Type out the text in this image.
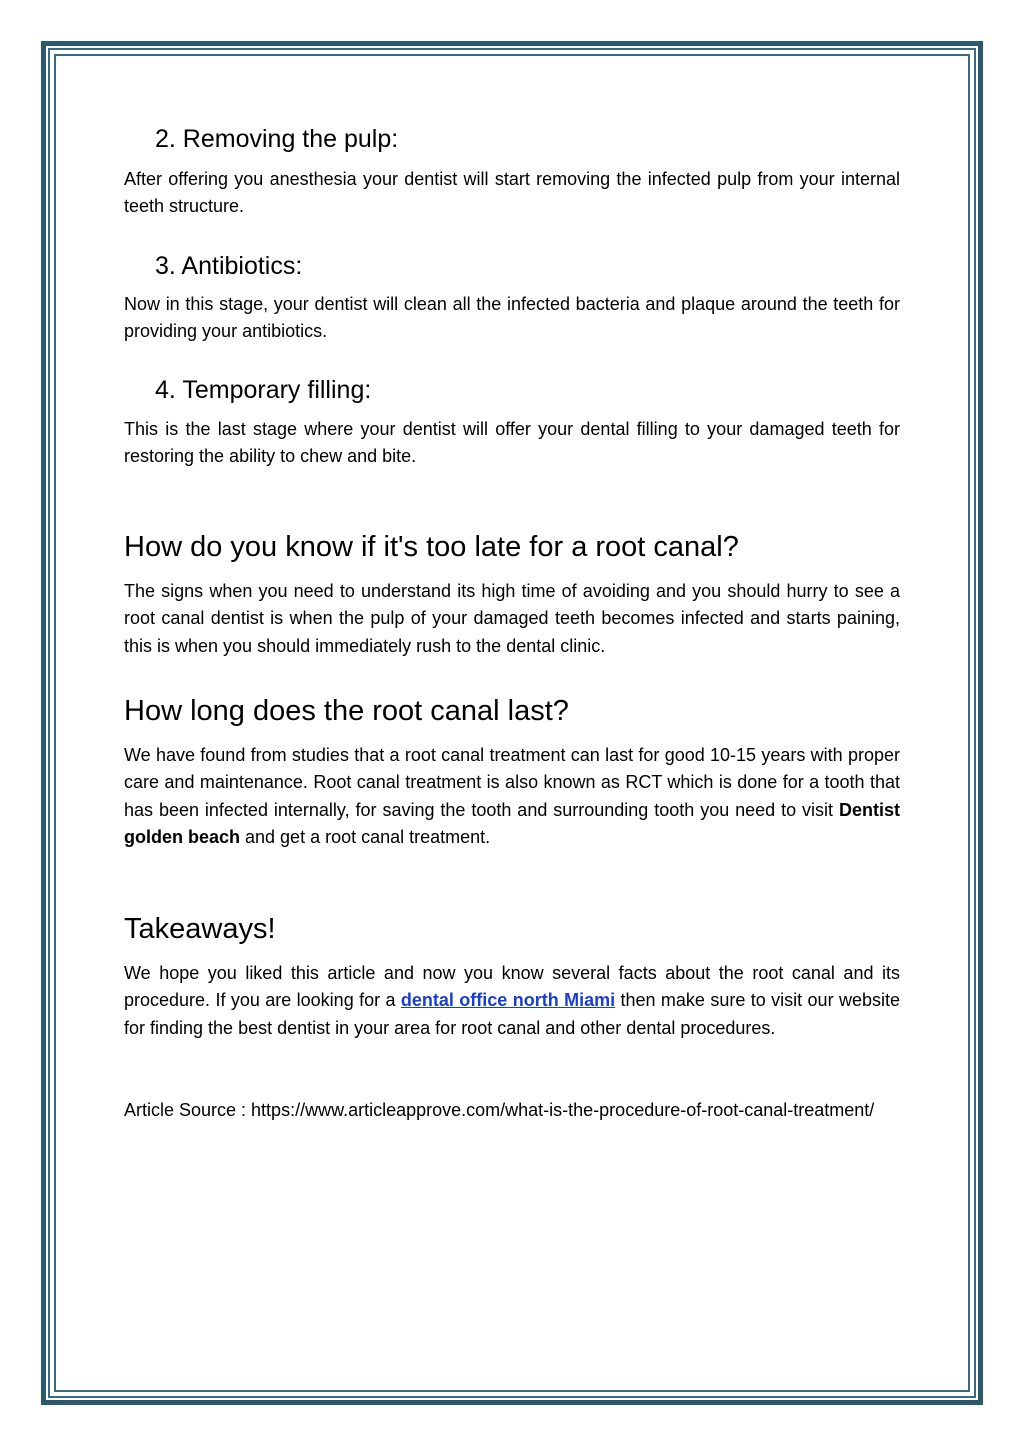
2. Removing the pulp:

After offering you anesthesia your dentist will start removing the infected pulp from your internal teeth structure.

3. Antibiotics:

Now in this stage, your dentist will clean all the infected bacteria and plaque around the teeth for providing your antibiotics.

4. Temporary filling:

This is the last stage where your dentist will offer your dental filling to your damaged teeth for restoring the ability to chew and bite.

How do you know if it's too late for a root canal?

The signs when you need to understand its high time of avoiding and you should hurry to see a root canal dentist is when the pulp of your damaged teeth becomes infected and starts paining, this is when you should immediately rush to the dental clinic.

How long does the root canal last?

We have found from studies that a root canal treatment can last for good 10-15 years with proper care and maintenance. Root canal treatment is also known as RCT which is done for a tooth that has been infected internally, for saving the tooth and surrounding tooth you need to visit Dentist golden beach and get a root canal treatment.

Takeaways!

We hope you liked this article and now you know several facts about the root canal and its procedure. If you are looking for a dental office north Miami then make sure to visit our website for finding the best dentist in your area for root canal and other dental procedures.

Article Source : https://www.articleapprove.com/what-is-the-procedure-of-root-canal-treatment/
